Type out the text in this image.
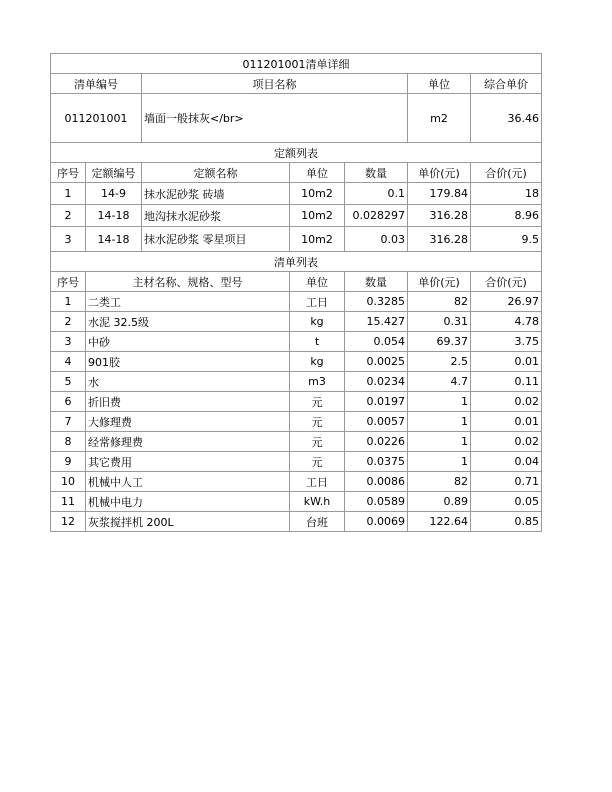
011201001清单详细						
清单编号		项目名称			单位	综合单价
011201001		墙面一般抹灰</br>			m2	36.46
定额列表						
序号	定额编号	定额名称	单位	数量	单价(元)	合价(元)
1	14-9	抹水泥砂浆 砖墙	10m2	0.1	179.84	18
2	14-18	地沟抹水泥砂浆	10m2	0.028297	316.28	8.96
3	14-18	抹水泥砂浆 零星项目	10m2	0.03	316.28	9.5
清单列表						
序号	主材名称、规格、型号		单位	数量	单价(元)	合价(元)
1	二类工		工日	0.3285	82	26.97
2	水泥 32.5级		kg	15.427	0.31	4.78
3	中砂		t	0.054	69.37	3.75
4	901胶		kg	0.0025	2.5	0.01
5	水		m3	0.0234	4.7	0.11
6	折旧费		元	0.0197	1	0.02
7	大修理费		元	0.0057	1	0.01
8	经常修理费		元	0.0226	1	0.02
9	其它费用		元	0.0375	1	0.04
10	机械中人工		工日	0.0086	82	0.71
11	机械中电力		kW.h	0.0589	0.89	0.05
12	灰浆搅拌机 200L		台班	0.0069	122.64	0.85
